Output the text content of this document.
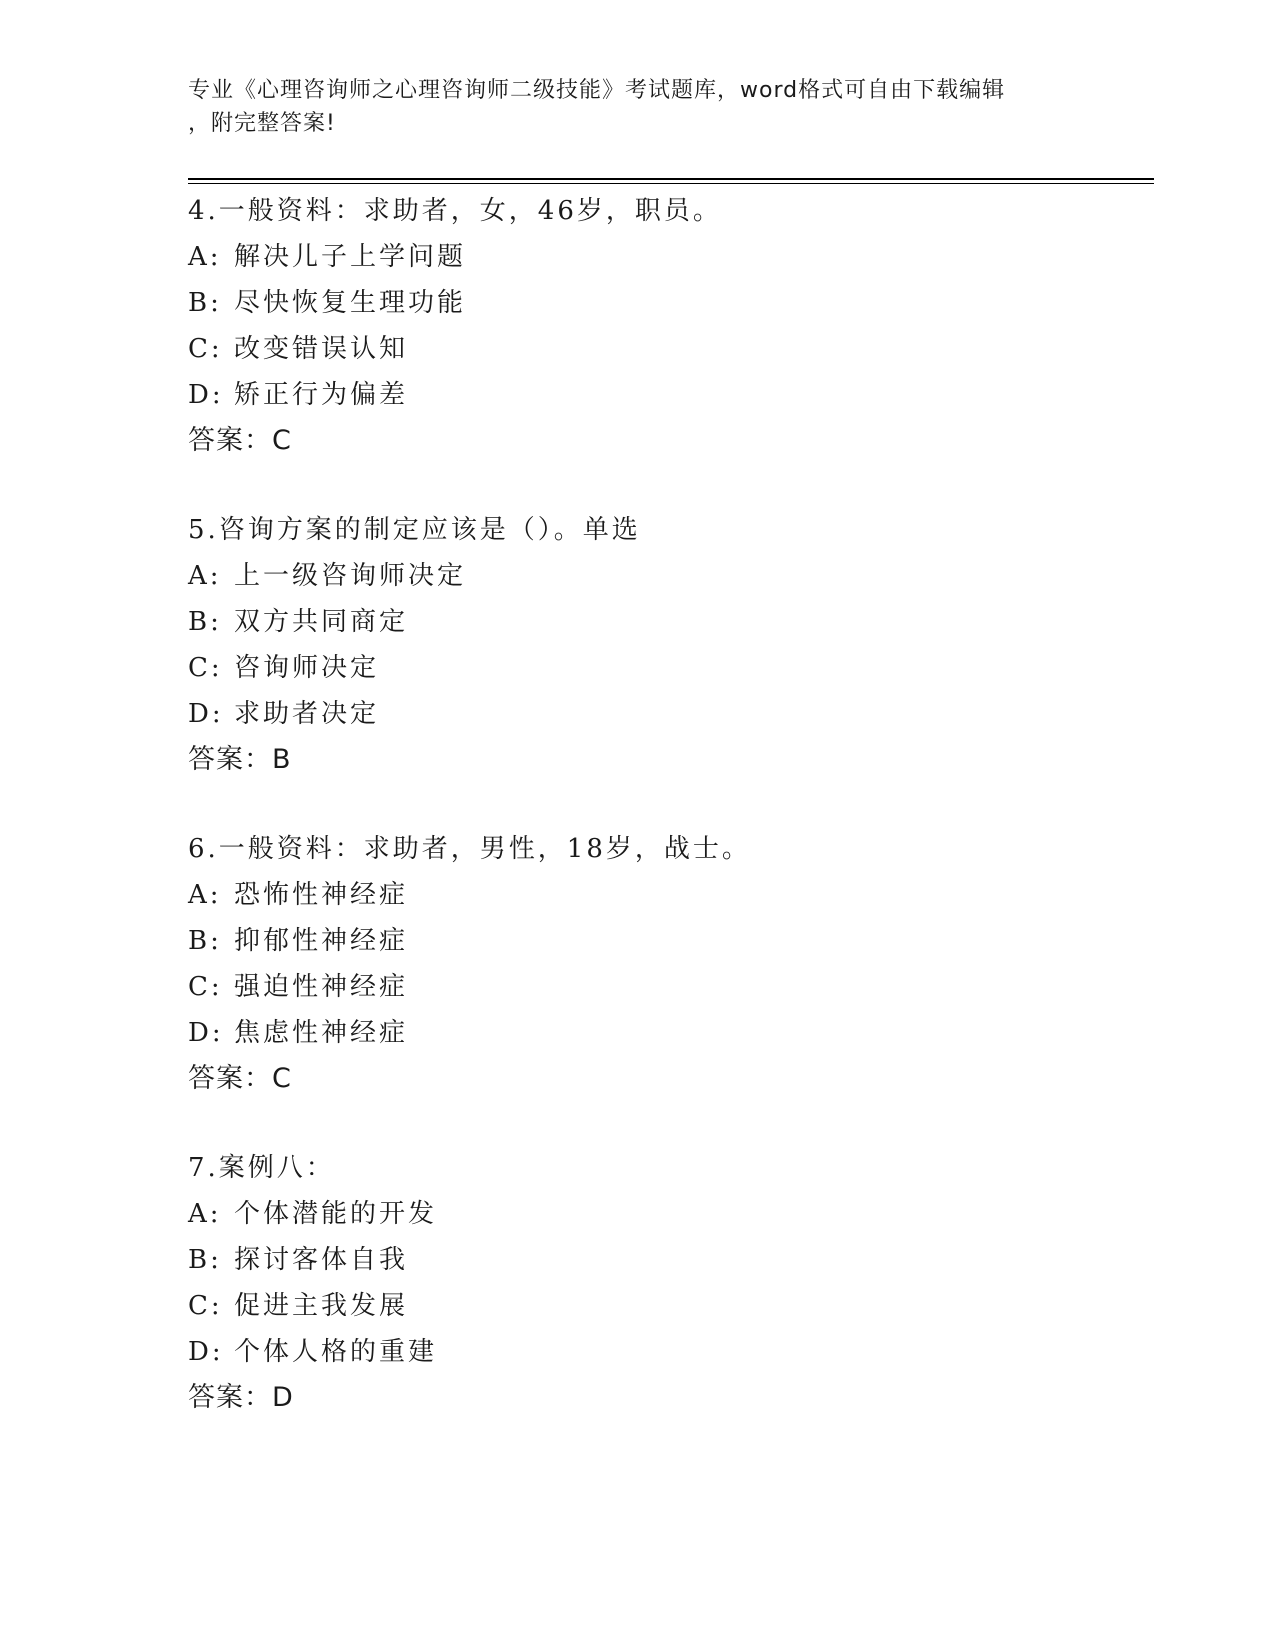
专业《心理咨询师之心理咨询师二级技能》考试题库，word格式可自由下载编辑
，附完整答案!
4.一般资料：求助者，女，46岁，职员。
A: 解决儿子上学问题
B: 尽快恢复生理功能
C: 改变错误认知
D: 矫正行为偏差
答案：C
5.咨询方案的制定应该是（）。单选
A: 上一级咨询师决定
B: 双方共同商定
C: 咨询师决定
D: 求助者决定
答案：B
6.一般资料：求助者，男性，18岁，战士。
A: 恐怖性神经症
B: 抑郁性神经症
C: 强迫性神经症
D: 焦虑性神经症
答案：C
7.案例八：
A: 个体潜能的开发
B: 探讨客体自我
C: 促进主我发展
D: 个体人格的重建
答案：D
